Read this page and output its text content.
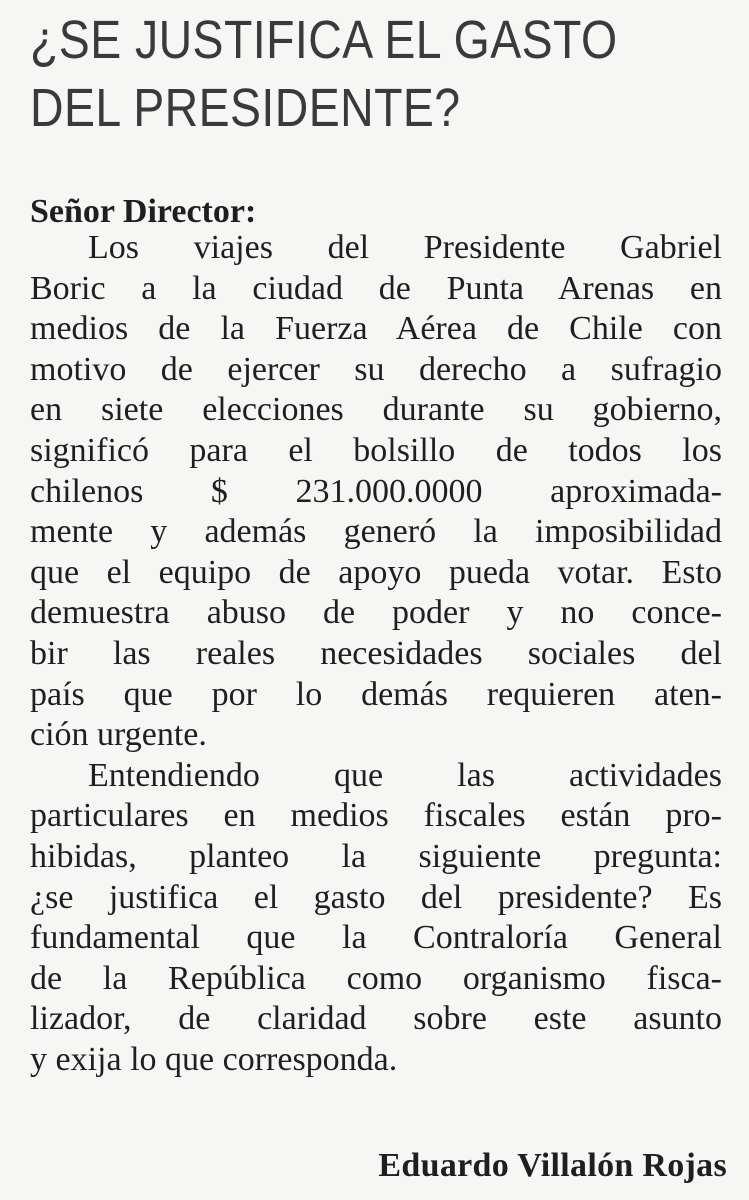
¿SE JUSTIFICA EL GASTO
DEL PRESIDENTE?

Señor Director:

Los viajes del Presidente Gabriel
Boric a la ciudad de Punta Arenas en
medios de la Fuerza Aérea de Chile con
motivo de ejercer su derecho a sufragio
en siete elecciones durante su gobierno,
significó para el bolsillo de todos los
chilenos $ 231.000.0000 aproximada-
mente y además generó la imposibilidad
que el equipo de apoyo pueda votar. Esto
demuestra abuso de poder y no conce-
bir las reales necesidades sociales del
país que por lo demás requieren aten-
ción urgente.
Entendiendo que las actividades
particulares en medios fiscales están pro-
hibidas, planteo la siguiente pregunta:
¿se justifica el gasto del presidente? Es
fundamental que la Contraloría General
de la República como organismo fisca-
lizador, de claridad sobre este asunto
y exija lo que corresponda.

Eduardo Villalón Rojas
